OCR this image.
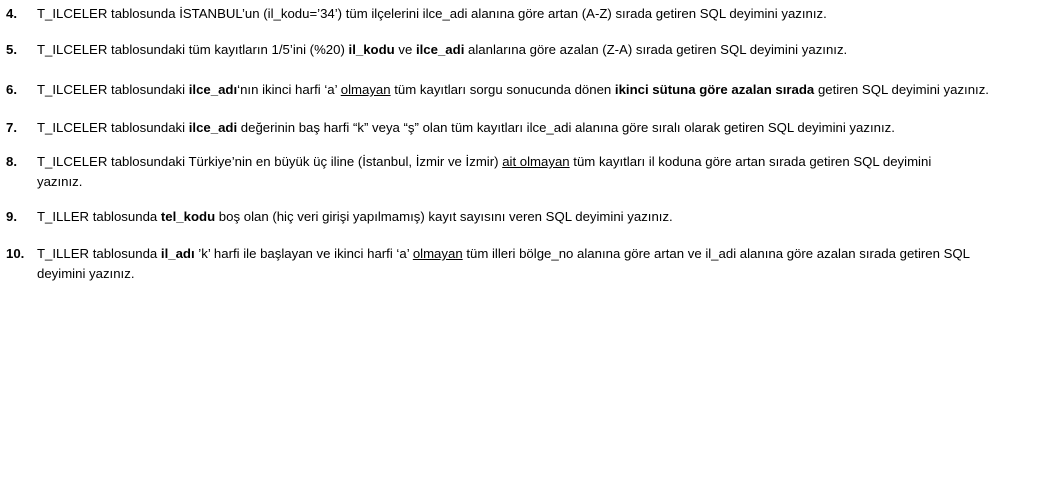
4. T_ILCELER tablosunda İSTANBUL’un (il_kodu=’34’) tüm ilçelerini ilce_adi alanına göre artan (A-Z) sırada getiren SQL deyimini yazınız.
5. T_ILCELER tablosundaki tüm kayıtların 1/5’ini (%20) il_kodu ve ilce_adi alanlarına göre azalan (Z-A) sırada getiren SQL deyimini yazınız.
6. T_ILCELER tablosundaki ilce_adı‘nın ikinci harfi ‘a’ olmayan tüm kayıtları sorgu sonucunda dönen ikinci sütuna göre azalan sırada getiren SQL deyimini yazınız.
7. T_ILCELER tablosundaki ilce_adi değerinin baş harfi “k” veya “ş” olan tüm kayıtları ilce_adi alanına göre sıralı olarak getiren SQL deyimini yazınız.
8. T_ILCELER tablosundaki Türkiye’nin en büyük üç iline (İstanbul, İzmir ve İzmir) ait olmayan tüm kayıtları il koduna göre artan sırada getiren SQL deyimini
yazınız.
9. T_ILLER tablosunda tel_kodu boş olan (hiç veri girişi yapılmamış) kayıt sayısını veren SQL deyimini yazınız.
10. T_ILLER tablosunda il_adı ’k’ harfi ile başlayan ve ikinci harfi ‘a’ olmayan tüm illeri bölge_no alanına göre artan ve il_adi alanına göre azalan sırada getiren SQL
deyimini yazınız.
